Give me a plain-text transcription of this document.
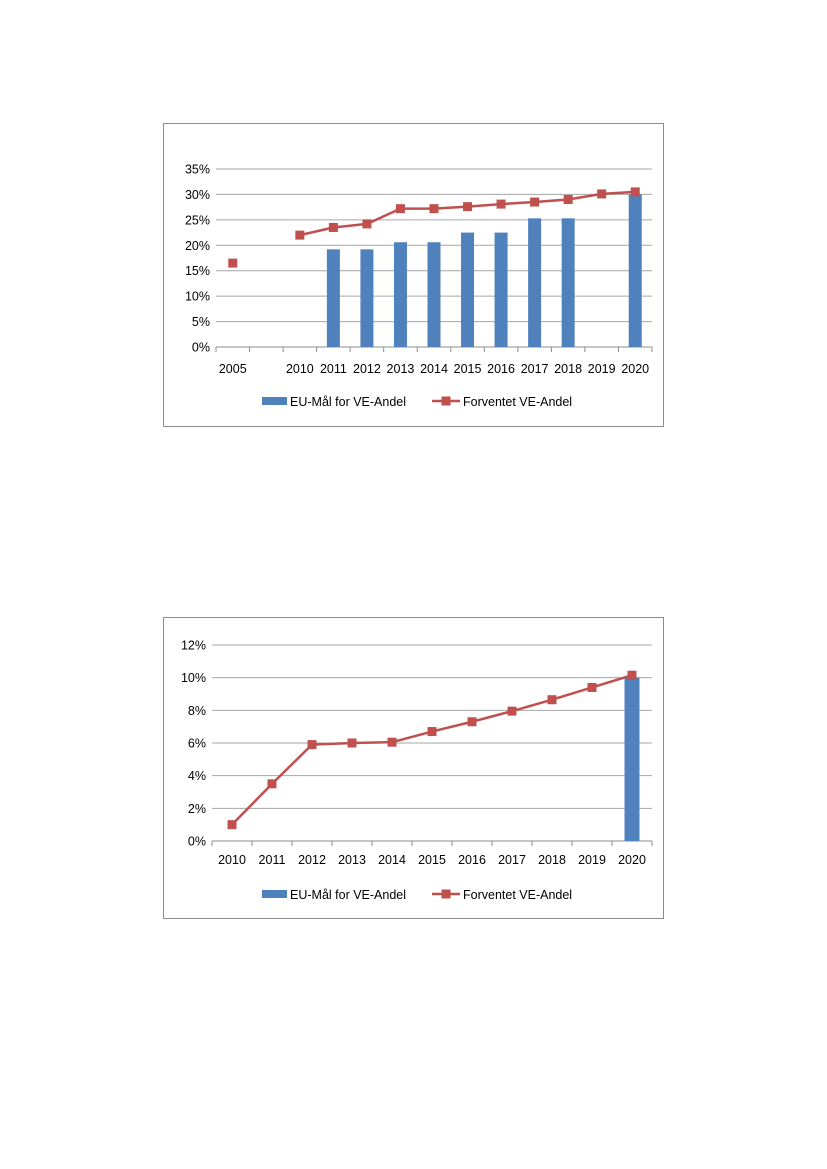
0%
5%
10%
15%
20%
25%
30%
35%
2005	2010 2011 2012 2013 2014 2015 2016 2017 2018 2019 2020
EU-Mål for VE-Andel	Forventet VE-Andel
0%
2%
4%
6%
8%
10%
12%
2010 2011 2012 2013 2014 2015 2016 2017 2018 2019 2020
EU-Mål for VE-Andel	Forventet VE-Andel
